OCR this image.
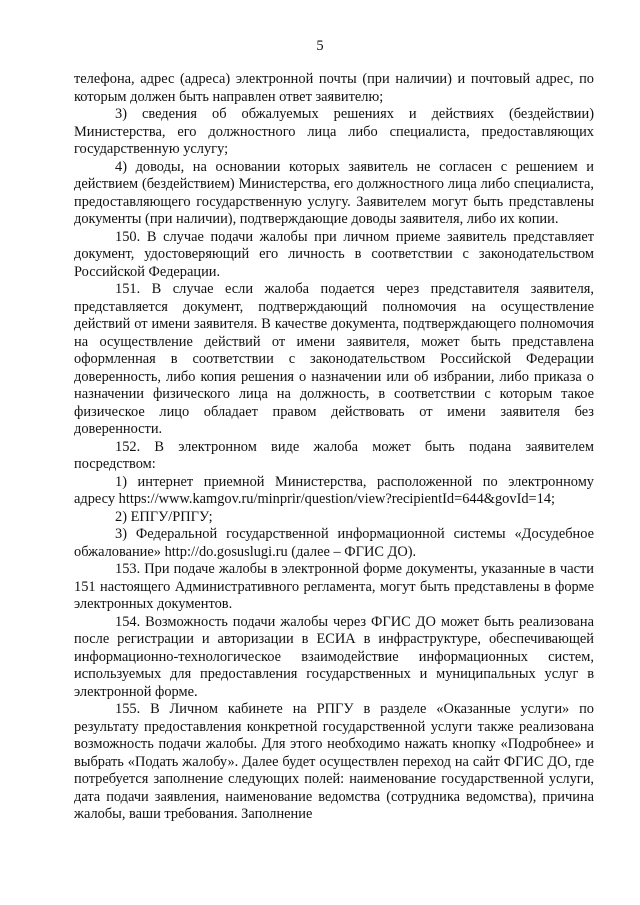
5

телефона, адрес (адреса) электронной почты (при наличии) и почтовый адрес, по которым должен быть направлен ответ заявителю;

3) сведения об обжалуемых решениях и действиях (бездействии) Министерства, его должностного лица либо специалиста, предоставляющих государственную услугу;

4) доводы, на основании которых заявитель не согласен с решением и действием (бездействием) Министерства, его должностного лица либо специалиста, предоставляющего государственную услугу. Заявителем могут быть представлены документы (при наличии), подтверждающие доводы заявителя, либо их копии.

150. В случае подачи жалобы при личном приеме заявитель представляет документ, удостоверяющий его личность в соответствии с законодательством Российской Федерации.

151. В случае если жалоба подается через представителя заявителя, представляется документ, подтверждающий полномочия на осуществление действий от имени заявителя. В качестве документа, подтверждающего полномочия на осуществление действий от имени заявителя, может быть представлена оформленная в соответствии с законодательством Российской Федерации доверенность, либо копия решения о назначении или об избрании, либо приказа о назначении физического лица на должность, в соответствии с которым такое физическое лицо обладает правом действовать от имени заявителя без доверенности.

152. В электронном виде жалоба может быть подана заявителем посредством:

1) интернет приемной Министерства, расположенной по электронному адресу https://www.kamgov.ru/minprir/question/view?recipientId=644&govId=14;

2) ЕПГУ/РПГУ;

3) Федеральной государственной информационной системы «Досудебное обжалование» http://do.gosuslugi.ru (далее – ФГИС ДО).

153. При подаче жалобы в электронной форме документы, указанные в части 151 настоящего Административного регламента, могут быть представлены в форме электронных документов.

154. Возможность подачи жалобы через ФГИС ДО может быть реализована после регистрации и авторизации в ЕСИА в инфраструктуре, обеспечивающей информационно-технологическое взаимодействие информационных систем, используемых для предоставления государственных и муниципальных услуг в электронной форме.

155. В Личном кабинете на РПГУ в разделе «Оказанные услуги» по результату предоставления конкретной государственной услуги также реализована возможность подачи жалобы. Для этого необходимо нажать кнопку «Подробнее» и выбрать «Подать жалобу». Далее будет осуществлен переход на сайт ФГИС ДО, где потребуется заполнение следующих полей: наименование государственной услуги, дата подачи заявления, наименование ведомства (сотрудника ведомства), причина жалобы, ваши требования. Заполнение
